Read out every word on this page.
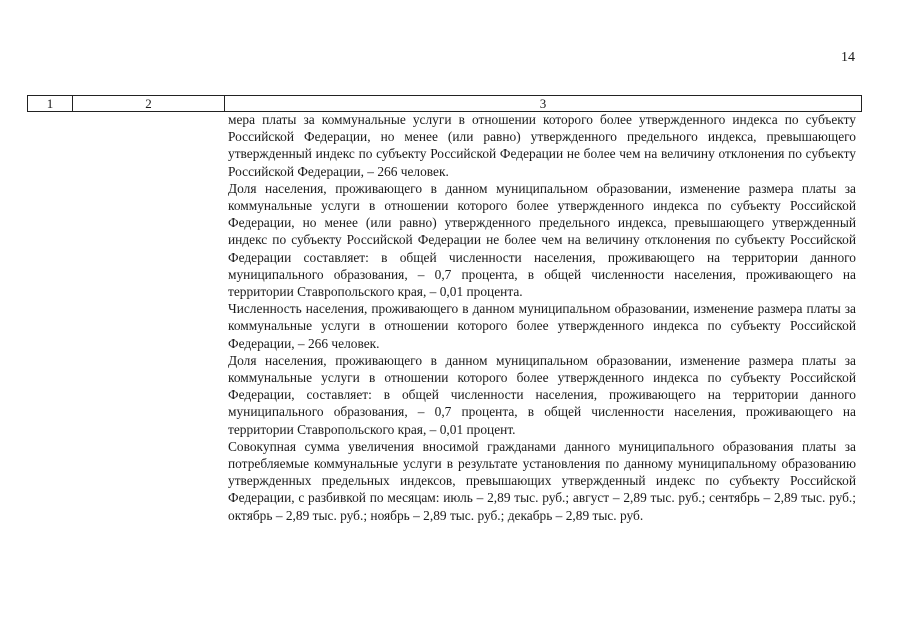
14
1	2	3

мера платы за коммунальные услуги в отношении которого более утвержденного индекса по субъекту Российской Федерации, но менее (или равно) утвержденного предельного индекса, превышающего утвержденный индекс по субъекту Российской Федерации не более чем на величину отклонения по субъекту Российской Федерации, – 266 человек.

Доля населения, проживающего в данном муниципальном образовании, изменение размера платы за коммунальные услуги в отношении которого более утвержденного индекса по субъекту Российской Федерации, но менее (или равно) утвержденного предельного индекса, превышающего утвержденный индекс по субъекту Российской Федерации не более чем на величину отклонения по субъекту Российской Федерации составляет: в общей численности населения, проживающего на территории данного муниципального образования, – 0,7 процента, в общей численности населения, проживающего на территории Ставропольского края, – 0,01 процента.

Численность населения, проживающего в данном муниципальном образовании, изменение размера платы за коммунальные услуги в отношении которого более утвержденного индекса по субъекту Российской Федерации, – 266 человек.

Доля населения, проживающего в данном муниципальном образовании, изменение размера платы за коммунальные услуги в отношении которого более утвержденного индекса по субъекту Российской Федерации, составляет: в общей численности населения, проживающего на территории данного муниципального образования, – 0,7 процента, в общей численности населения, проживающего на территории Ставропольского края, – 0,01 процент.

Совокупная сумма увеличения вносимой гражданами данного муниципального образования платы за потребляемые коммунальные услуги в результате установления по данному муниципальному образованию утвержденных предельных индексов, превышающих утвержденный индекс по субъекту Российской Федерации, с разбивкой по месяцам: июль – 2,89 тыс. руб.; август – 2,89 тыс. руб.; сентябрь – 2,89 тыс. руб.; октябрь – 2,89 тыс. руб.; ноябрь – 2,89 тыс. руб.; декабрь – 2,89 тыс. руб.
